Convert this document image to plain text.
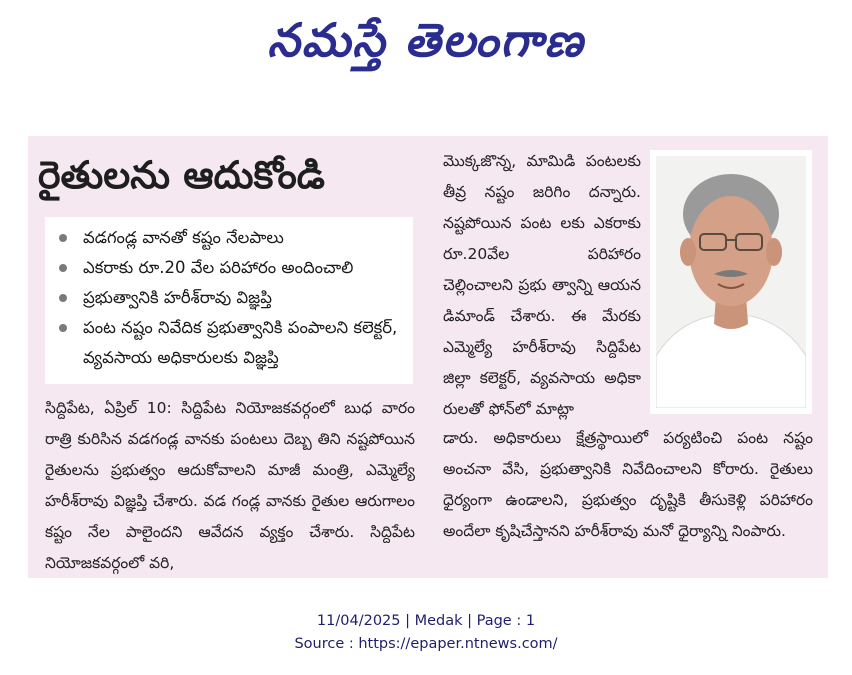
నమస్తే తెలంగాణ
రైతులను ఆదుకోండి
వడగండ్ల వానతో కష్టం నేలపాలు
ఎకరాకు రూ.20 వేల పరిహారం అందించాలి
ప్రభుత్వానికి హరీశ్‌రావు విజ్ఞప్తి
పంట నష్టం నివేదిక ప్రభుత్వానికి పంపాలని కలెక్టర్, వ్యవసాయ అధికారులకు విజ్ఞప్తి

సిద్దిపేట, ఏప్రిల్ 10: సిద్దిపేట నియోజకవర్గంలో బుధ వారం రాత్రి కురిసిన వడగండ్ల వానకు పంటలు దెబ్బ తిని నష్టపోయిన రైతులను ప్రభుత్వం ఆదుకోవాలని మాజీ మంత్రి, ఎమ్మెల్యే హరీశ్‌రావు విజ్ఞప్తి చేశారు. వడ గండ్ల వానకు రైతుల ఆరుగాలం కష్టం నేల పాలైందని ఆవేదన వ్యక్తం చేశారు. సిద్దిపేట నియోజకవర్గంలో వరి,

మొక్కజొన్న, మామిడి పంటలకు తీవ్ర నష్టం జరిగిం దన్నారు. నష్టపోయిన పంట లకు ఎకరాకు రూ.20వేల పరిహారం చెల్లించాలని ప్రభు త్వాన్ని ఆయన డిమాండ్ చేశారు. ఈ మేరకు ఎమ్మెల్యే హరీశ్‌రావు సిద్దిపేట జిల్లా కలెక్టర్, వ్యవసాయ అధికా రులతో ఫోన్‌లో మాట్లా

డారు. అధికారులు క్షేత్రస్థాయిలో పర్యటించి పంట నష్టం అంచనా వేసి, ప్రభుత్వానికి నివేదించాలని కోరారు. రైతులు ధైర్యంగా ఉండాలని, ప్రభుత్వం దృష్టికి తీసుకెళ్లి పరిహారం అందేలా కృషిచేస్తానని హరీశ్‌రావు మనో ధైర్యాన్ని నింపారు.

11/04/2025 | Medak | Page : 1
Source : https://epaper.ntnews.com/
